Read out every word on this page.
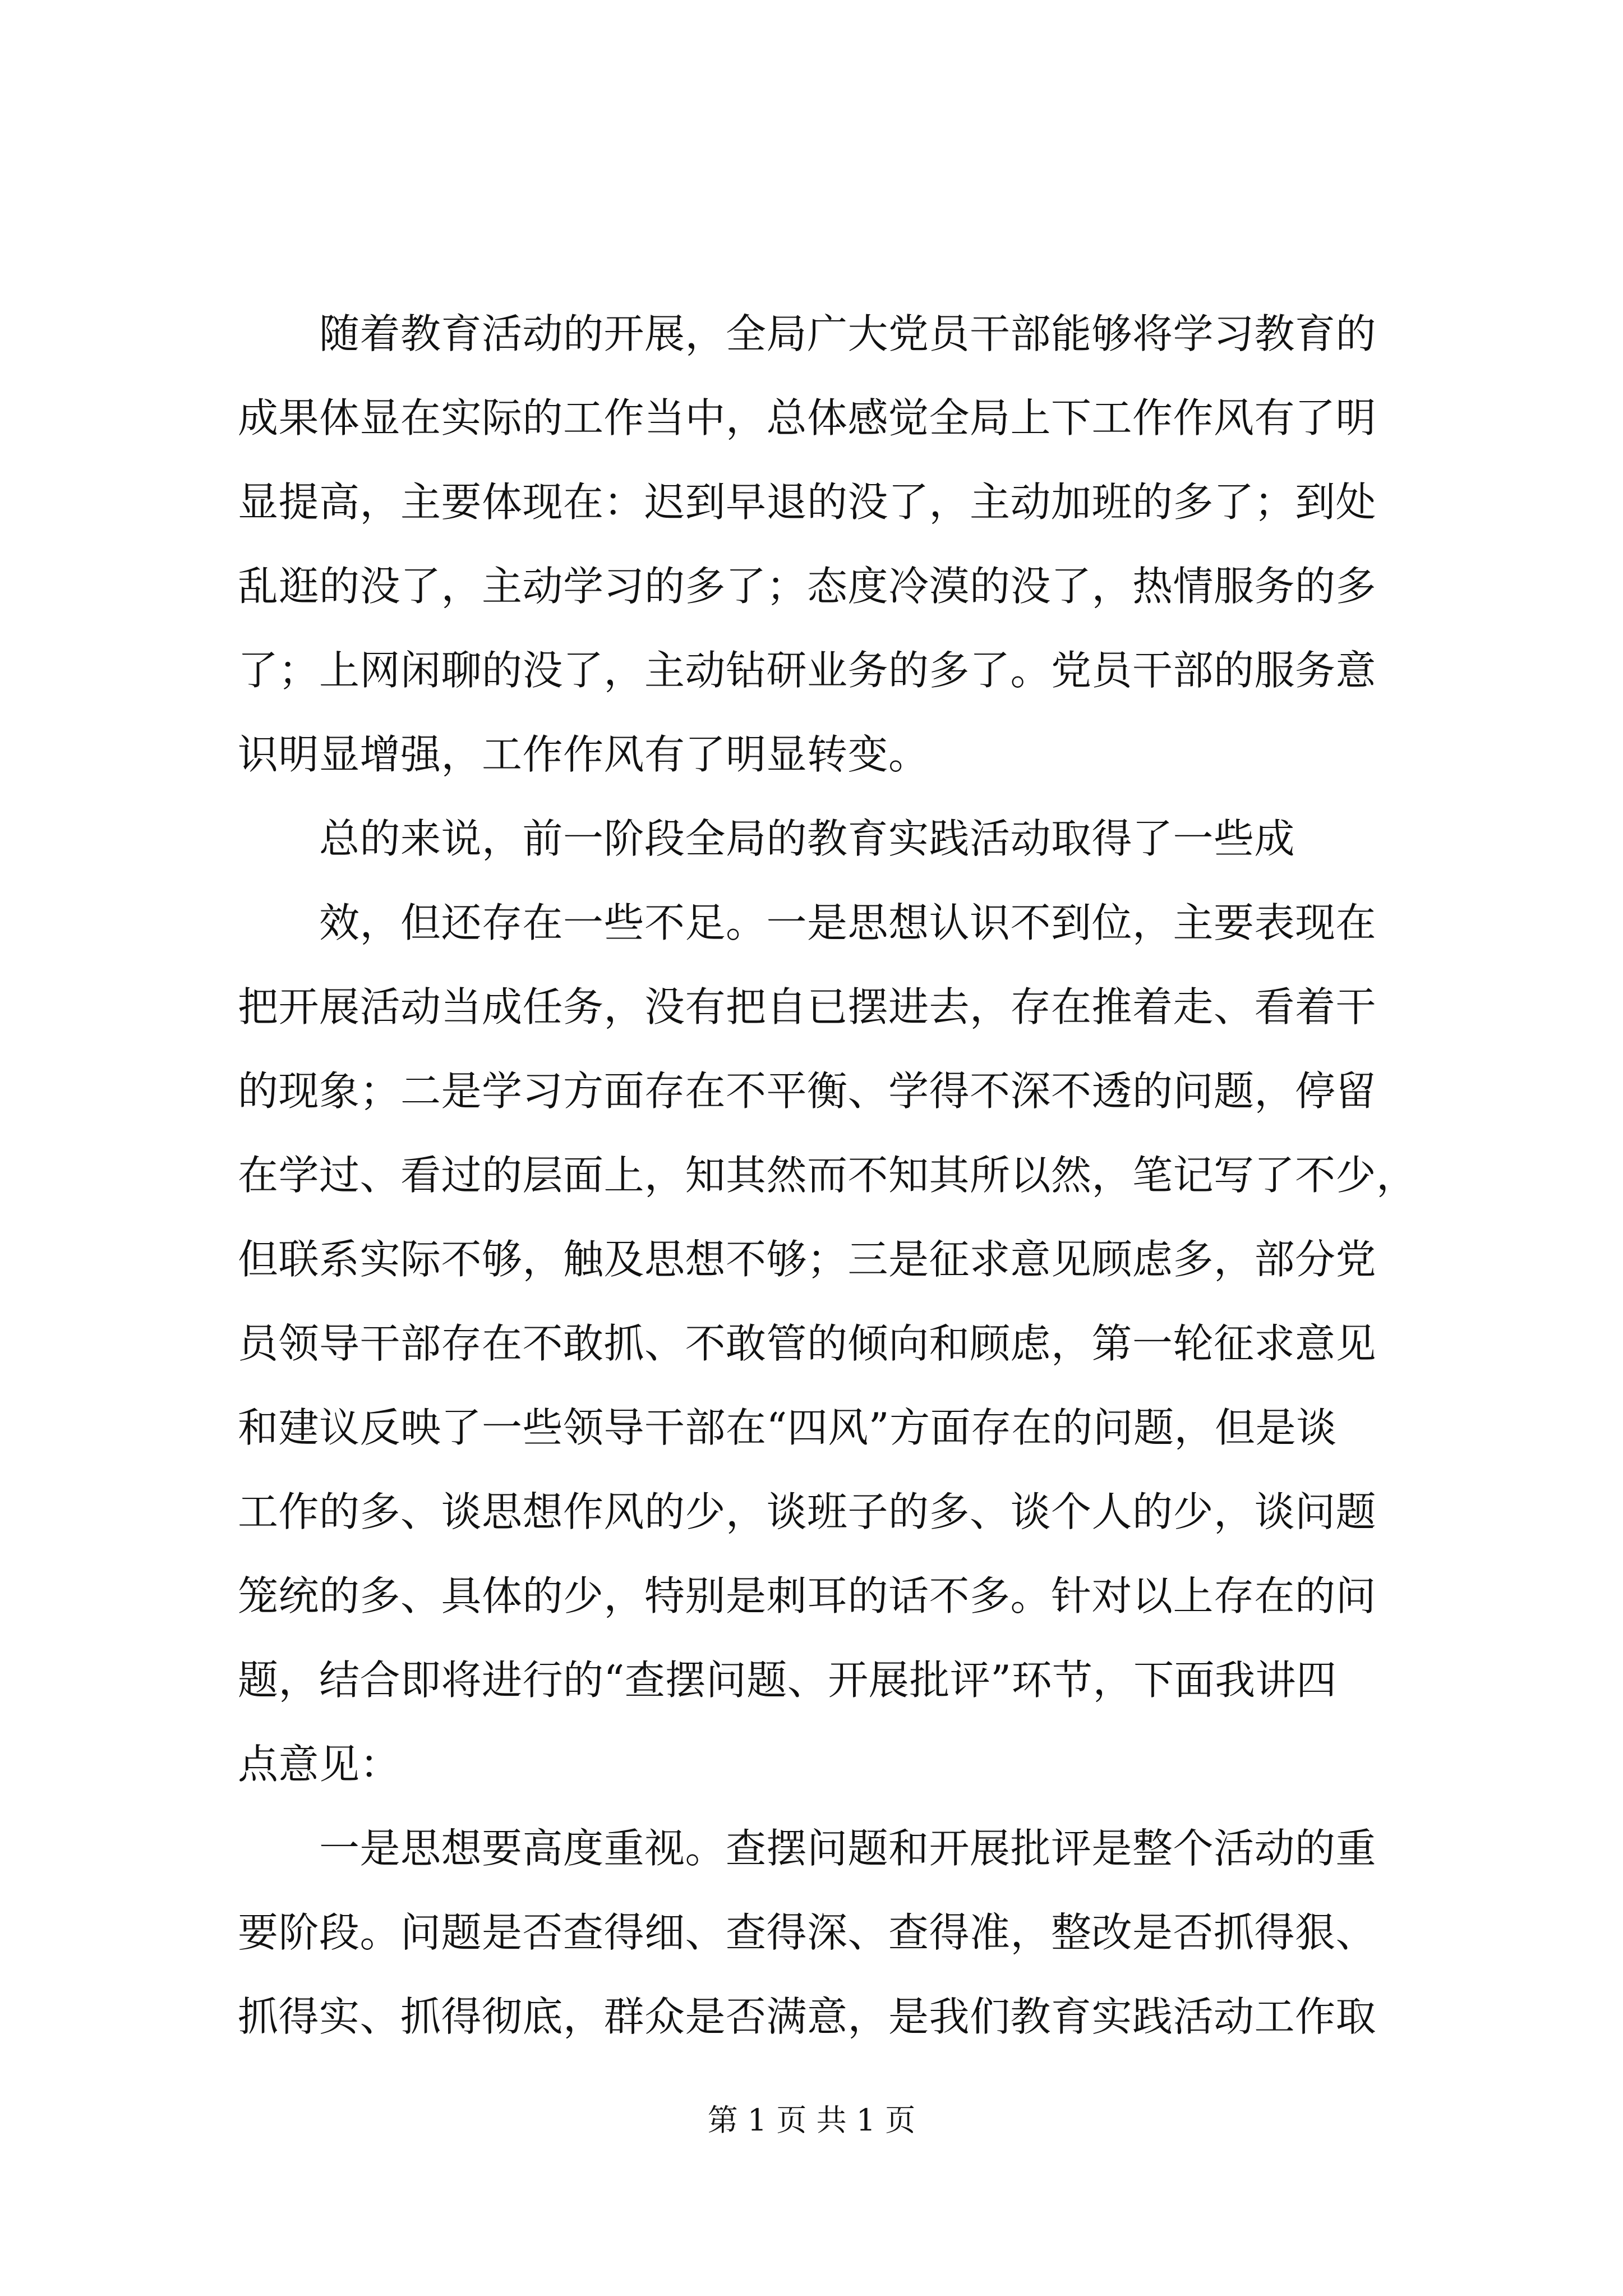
　　随着教育活动的开展，全局广大党员干部能够将学习教育的
成果体显在实际的工作当中，总体感觉全局上下工作作风有了明
显提高，主要体现在：迟到早退的没了，主动加班的多了；到处
乱逛的没了，主动学习的多了；态度冷漠的没了，热情服务的多
了；上网闲聊的没了，主动钻研业务的多了。党员干部的服务意
识明显增强，工作作风有了明显转变。
　　总的来说，前一阶段全局的教育实践活动取得了一些成
　　效，但还存在一些不足。一是思想认识不到位，主要表现在
把开展活动当成任务，没有把自已摆进去，存在推着走、看着干
的现象；二是学习方面存在不平衡、学得不深不透的问题，停留
在学过、看过的层面上，知其然而不知其所以然，笔记写了不少，
但联系实际不够，触及思想不够；三是征求意见顾虑多，部分党
员领导干部存在不敢抓、不敢管的倾向和顾虑，第一轮征求意见
和建议反映了一些领导干部在“四风”方面存在的问题，但是谈
工作的多、谈思想作风的少，谈班子的多、谈个人的少，谈问题
笼统的多、具体的少，特别是刺耳的话不多。针对以上存在的问
题，结合即将进行的“查摆问题、开展批评”环节，下面我讲四
点意见：
　　一是思想要高度重视。查摆问题和开展批评是整个活动的重
要阶段。问题是否查得细、查得深、查得准，整改是否抓得狠、
抓得实、抓得彻底，群众是否满意，是我们教育实践活动工作取
第 1 页 共 1 页
